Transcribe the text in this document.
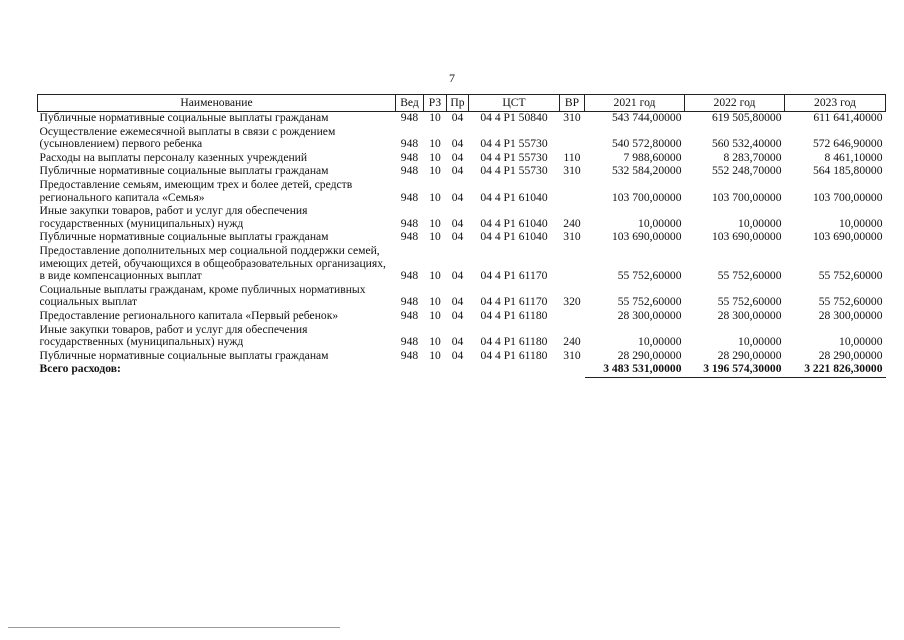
7
Наименование	Вед	РЗ	Пр	ЦСТ	ВР	2021 год	2022 год	2023 год
Публичные нормативные социальные выплаты гражданам	948	10	04	04 4 P1 50840	310	543 744,00000	619 505,80000	611 641,40000
Осуществление ежемесячной выплаты в связи с рождением (усыновлением) первого ребенка	948	10	04	04 4 P1 55730		540 572,80000	560 532,40000	572 646,90000
Расходы на выплаты персоналу казенных учреждений	948	10	04	04 4 P1 55730	110	7 988,60000	8 283,70000	8 461,10000
Публичные нормативные социальные выплаты гражданам	948	10	04	04 4 P1 55730	310	532 584,20000	552 248,70000	564 185,80000
Предоставление семьям, имеющим трех и более детей, средств регионального капитала «Семья»	948	10	04	04 4 P1 61040		103 700,00000	103 700,00000	103 700,00000
Иные закупки товаров, работ и услуг для обеспечения государственных (муниципальных) нужд	948	10	04	04 4 P1 61040	240	10,00000	10,00000	10,00000
Публичные нормативные социальные выплаты гражданам	948	10	04	04 4 P1 61040	310	103 690,00000	103 690,00000	103 690,00000
Предоставление дополнительных мер социальной поддержки семей, имеющих детей, обучающихся в общеобразовательных организациях, в виде компенсационных выплат	948	10	04	04 4 P1 61170		55 752,60000	55 752,60000	55 752,60000
Социальные выплаты гражданам, кроме публичных нормативных социальных выплат	948	10	04	04 4 P1 61170	320	55 752,60000	55 752,60000	55 752,60000
Предоставление регионального капитала «Первый ребенок»	948	10	04	04 4 P1 61180		28 300,00000	28 300,00000	28 300,00000
Иные закупки товаров, работ и услуг для обеспечения государственных (муниципальных) нужд	948	10	04	04 4 P1 61180	240	10,00000	10,00000	10,00000
Публичные нормативные социальные выплаты гражданам	948	10	04	04 4 P1 61180	310	28 290,00000	28 290,00000	28 290,00000
Всего расходов:						3 483 531,00000	3 196 574,30000	3 221 826,30000
